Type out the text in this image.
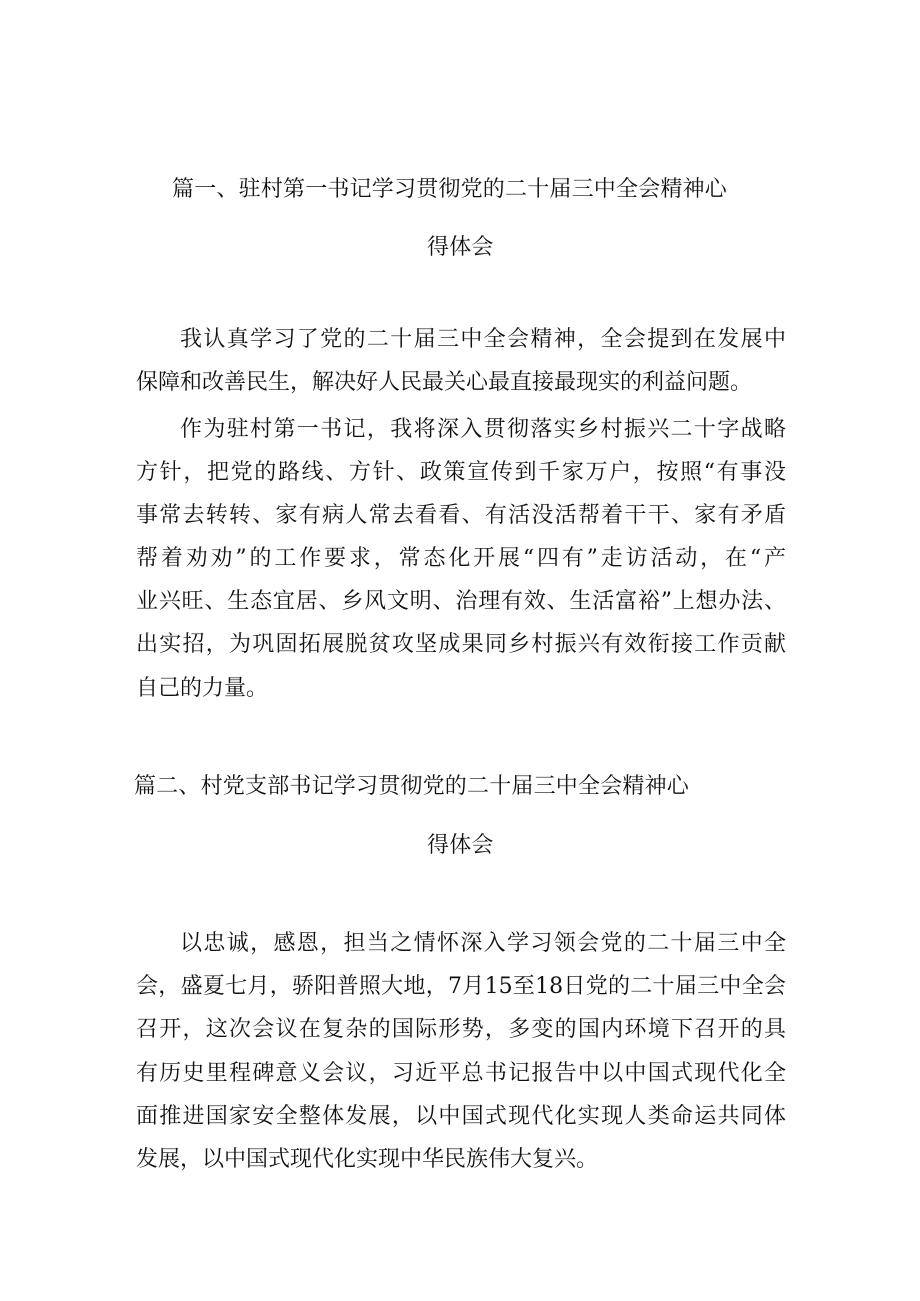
篇一、驻村第一书记学习贯彻党的二十届三中全会精神心
得体会
我认真学习了党的二十届三中全会精神，全会提到在发展中
保障和改善民生，解决好人民最关心最直接最现实的利益问题。
作为驻村第一书记，我将深入贯彻落实乡村振兴二十字战略
方针，把党的路线、方针、政策宣传到千家万户，按照“有事没
事常去转转、家有病人常去看看、有活没活帮着干干、家有矛盾
帮着劝劝”的工作要求，常态化开展“四有”走访活动，在“产
业兴旺、生态宜居、乡风文明、治理有效、生活富裕”上想办法、
出实招，为巩固拓展脱贫攻坚成果同乡村振兴有效衔接工作贡献
自己的力量。
篇二、村党支部书记学习贯彻党的二十届三中全会精神心
得体会
以忠诚，感恩，担当之情怀深入学习领会党的二十届三中全
会，盛夏七月，骄阳普照大地，7月15至18日党的二十届三中全会
召开，这次会议在复杂的国际形势，多变的国内环境下召开的具
有历史里程碑意义会议，习近平总书记报告中以中国式现代化全
面推进国家安全整体发展，以中国式现代化实现人类命运共同体
发展，以中国式现代化实现中华民族伟大复兴。
